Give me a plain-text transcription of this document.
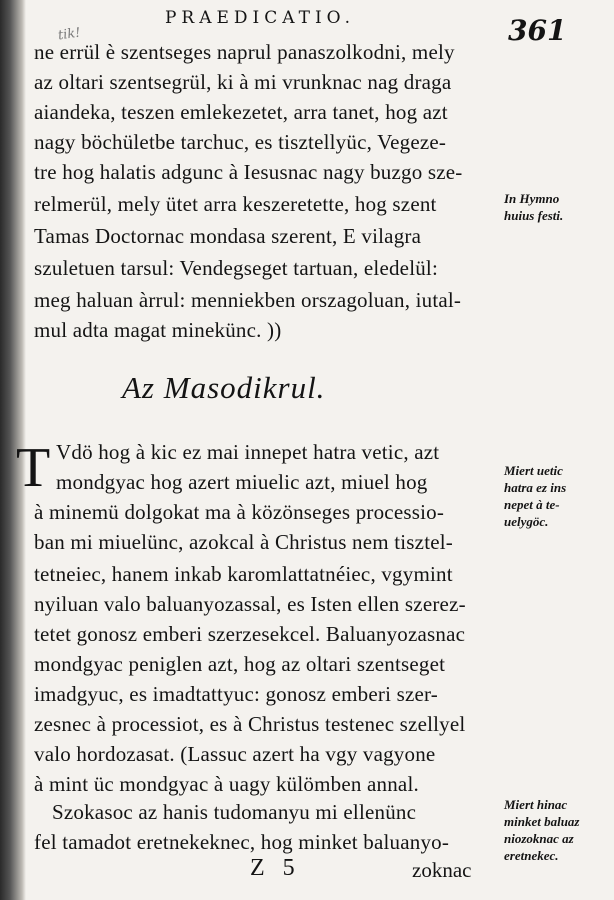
PRAEDICATIO.	361
tik!
ne errül è szentseges naprul panaszolkodni, mely
az oltari szentsegrül, ki à mi vrunknac nag draga
aiandeka, teszen emlekezetet, arra tanet, hog azt
nagy böchületbe tarchuc, es tisztellyüc, Vegeze-
tre hog halatis adgunc à Iesusnac nagy buzgo sze-
relmerül, mely ütet arra keszeretette, hog szent
Tamas Doctornac mondasa szerent, E vilagra
szuletuen tarsul: Vendegseget tartuan, eledelül:
meg haluan àrrul: menniekben orszagoluan, iutal-
mul adta magat minekünc. ))
Az Masodikrul.
T Vdö hog à kic ez mai innepet hatra vetic, azt
mondgyac hog azert miuelic azt, miuel hog
à minemü dolgokat ma à közönseges processio-
ban mi miuelünc, azokcal à Christus nem tisztel-
tetneiec, hanem inkab karomlattatnéiec, vgymint
nyiluan valo baluanyozassal, es Isten ellen szerez-
tetet gonosz emberi szerzesekcel. Baluanyozasnac
mondgyac peniglen azt, hog az oltari szentseget
imadgyuc, es imadtattyuc: gonosz emberi szer-
zesnec à processiot, es à Christus testenec szellyel
valo hordozasat. (Lassuc azert ha vgy vagyone
à mint üc mondgyac à uagy külömben annal.
Szokasoc az hanis tudomanyu mi ellenünc
fel tamadot eretnekeknec, hog minket baluanyo-
In Hymno
huius festi.
Miert uetic
hatra ez ins
nepet à te-
uelygöc.
Miert hinac
minket baluaz
niozoknac az
eretnekec.
Z 5	zoknac
